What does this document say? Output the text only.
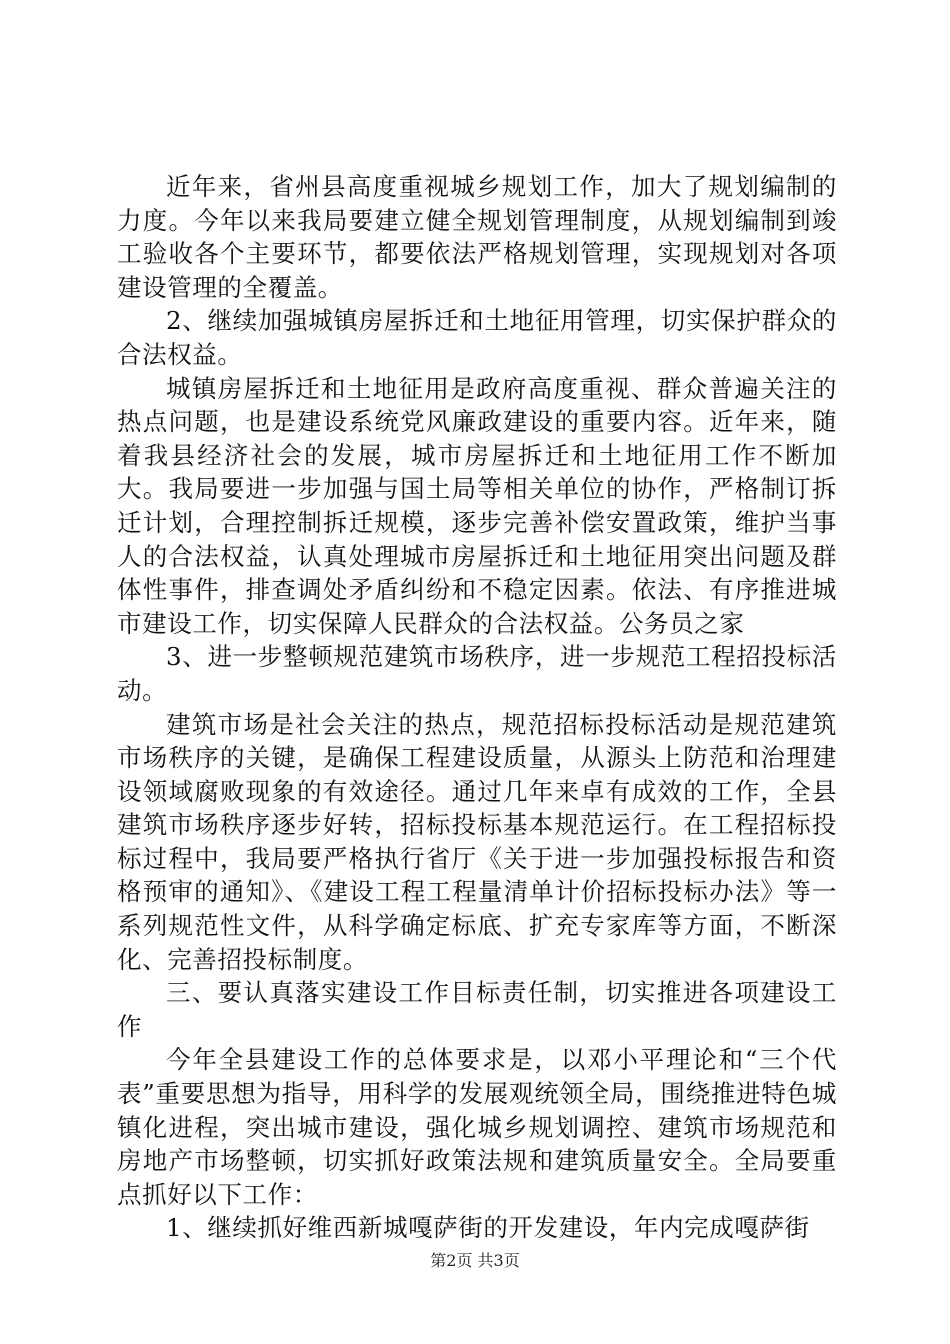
近年来，省州县高度重视城乡规划工作，加大了规划编制的力度。今年以来我局要建立健全规划管理制度，从规划编制到竣工验收各个主要环节，都要依法严格规划管理，实现规划对各项建设管理的全覆盖。

2、继续加强城镇房屋拆迁和土地征用管理，切实保护群众的合法权益。

城镇房屋拆迁和土地征用是政府高度重视、群众普遍关注的热点问题，也是建设系统党风廉政建设的重要内容。近年来，随着我县经济社会的发展，城市房屋拆迁和土地征用工作不断加大。我局要进一步加强与国土局等相关单位的协作，严格制订拆迁计划，合理控制拆迁规模，逐步完善补偿安置政策，维护当事人的合法权益，认真处理城市房屋拆迁和土地征用突出问题及群体性事件，排查调处矛盾纠纷和不稳定因素。依法、有序推进城市建设工作，切实保障人民群众的合法权益。公务员之家

3、进一步整顿规范建筑市场秩序，进一步规范工程招投标活动。

建筑市场是社会关注的热点，规范招标投标活动是规范建筑市场秩序的关键，是确保工程建设质量，从源头上防范和治理建设领域腐败现象的有效途径。通过几年来卓有成效的工作，全县建筑市场秩序逐步好转，招标投标基本规范运行。在工程招标投标过程中，我局要严格执行省厅《关于进一步加强投标报告和资格预审的通知》、《建设工程工程量清单计价招标投标办法》等一系列规范性文件，从科学确定标底、扩充专家库等方面，不断深化、完善招投标制度。

三、要认真落实建设工作目标责任制，切实推进各项建设工作

今年全县建设工作的总体要求是，以邓小平理论和“三个代表”重要思想为指导，用科学的发展观统领全局，围绕推进特色城镇化进程，突出城市建设，强化城乡规划调控、建筑市场规范和房地产市场整顿，切实抓好政策法规和建筑质量安全。全局要重点抓好以下工作：

1、继续抓好维西新城嘎萨街的开发建设，年内完成嘎萨街

第2页 共3页
